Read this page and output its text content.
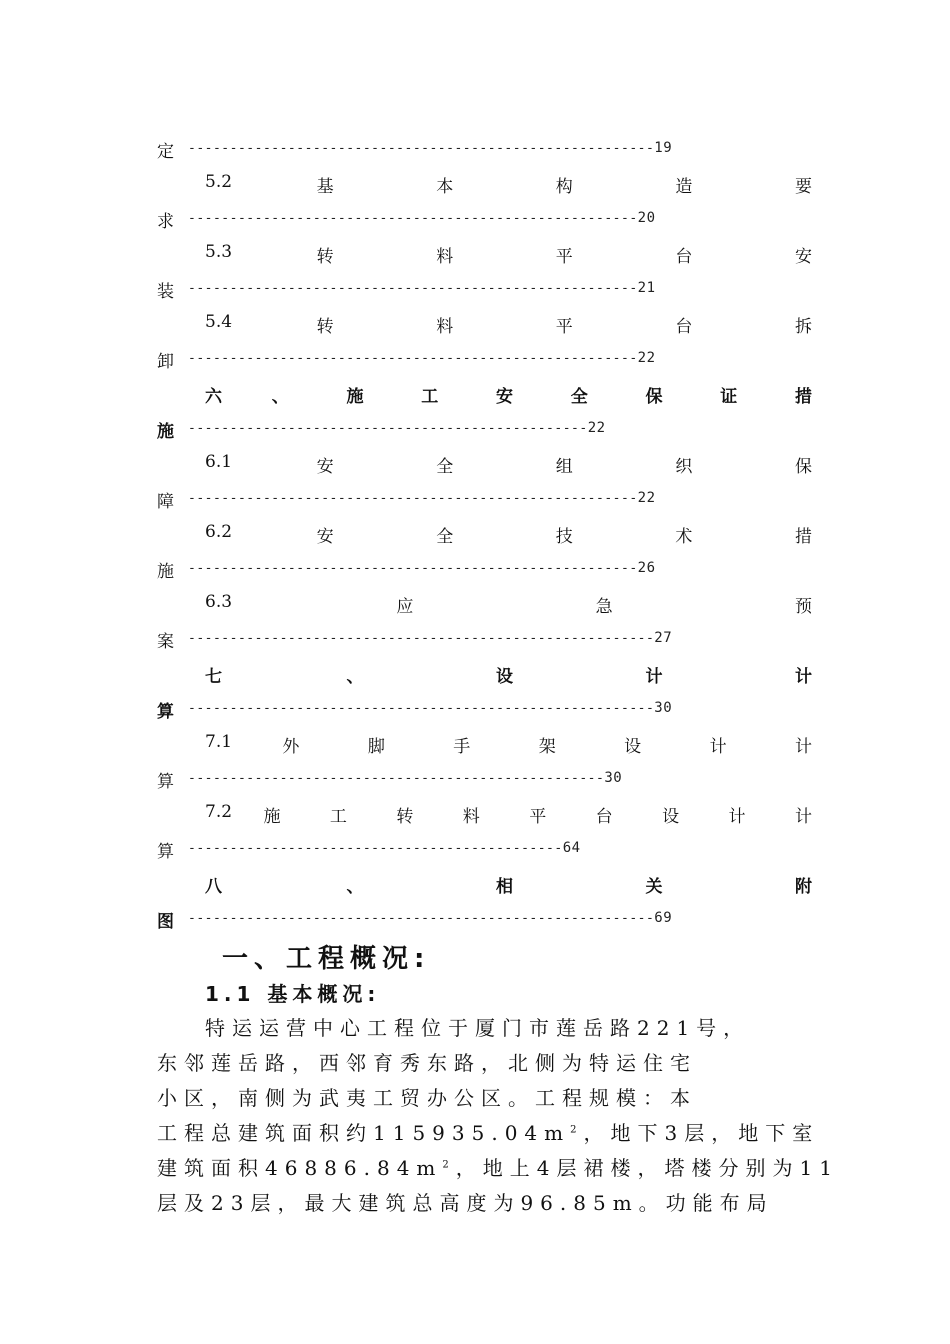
定 --------------------------------------------------------19
5.2	基	本	构	造	要
求 ------------------------------------------------------20
5.3	转	料	平	台	安
装 ------------------------------------------------------21
5.4	转	料	平	台	拆
卸 ------------------------------------------------------22
六	、	施	工	安	全	保	证	措
施 ------------------------------------------------22
6.1	安	全	组	织	保
障 ------------------------------------------------------22
6.2	安	全	技	术	措
施 ------------------------------------------------------26
6.3	应	急	预
案 --------------------------------------------------------27
七	、	设	计	计
算 --------------------------------------------------------30
7.1	外	脚	手	架	设	计	计
算 --------------------------------------------------30
7.2 施	工	转	料	平	台	设	计	计
算 ---------------------------------------------64
八	、	相	关	附
图 --------------------------------------------------------69
一、工程概况:
1.1 基本概况:
特运运营中心工程位于厦门市莲岳路221号，
东邻莲岳路，西邻育秀东路，北侧为特运住宅
小区，南侧为武夷工贸办公区。工程规模：本
工程总建筑面积约$115935.04m^2$，地下3层，地下室
建筑面积$46886.84m^2$，地上4层裙楼，塔楼分别为11
层及23层，最大建筑总高度为96.85m。功能布局
